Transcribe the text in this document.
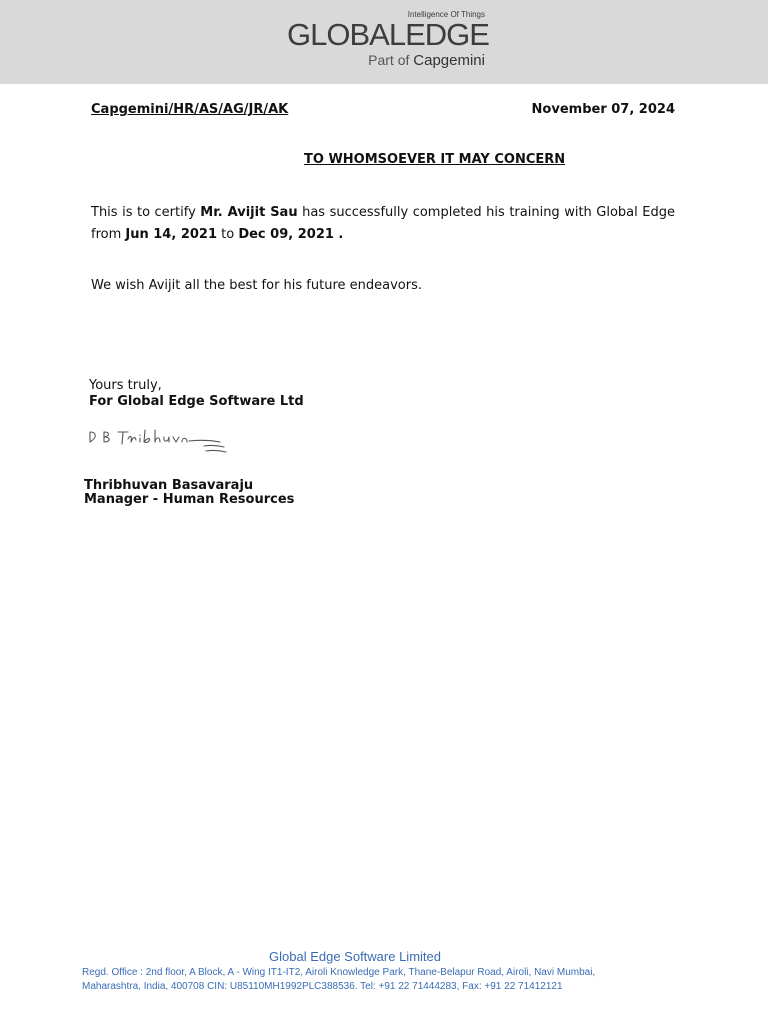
Intelligence Of Things
GLOBALEDGE
Part of Capgemini
Capgemini/HR/AS/AG/JR/AK	November 07, 2024
TO WHOMSOEVER IT MAY CONCERN
This is to certify Mr. Avijit Sau has successfully completed his training with Global Edge from Jun 14, 2021 to Dec 09, 2021 .
We wish Avijit all the best for his future endeavors.
Yours truly,
For Global Edge Software Ltd
Thribhuvan Basavaraju
Manager - Human Resources
Global Edge Software Limited
Regd. Office : 2nd floor, A Block, A - Wing IT1-IT2, Airoli Knowledge Park, Thane-Belapur Road, Airoli, Navi Mumbai,
Maharashtra, India, 400708 CIN: U85110MH1992PLC388536. Tel: +91 22 71444283, Fax: +91 22 71412121
